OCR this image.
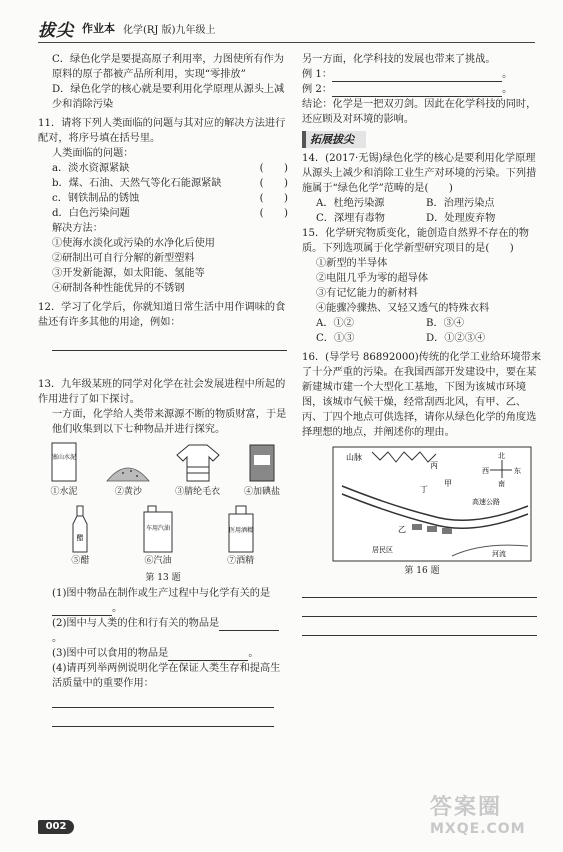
拔尖 作业本 化学(RJ 版)九年级上

C．绿色化学是要提高原子利用率，力图使所有作为原料的原子都被产品所利用，实现“零排放”

D．绿色化学的核心就是要利用化学原理从源头上减少和消除污染

11．请将下列人类面临的问题与其对应的解决方法进行配对，将序号填在括号里。

人类面临的问题：

a．淡水资源紧缺	(　　)
b．煤、石油、天然气等化石能源紧缺	(　　)
c．钢铁制品的锈蚀	(　　)
d．白色污染问题	(　　)

解决方法：

①使海水淡化或污染的水净化后使用

②研制出可自行分解的新型塑料

③开发新能源，如太阳能、氢能等

④研制各种性能优异的不锈钢

12．学习了化学后，你就知道日常生活中用作调味的食盐还有许多其他的用途，例如：

13．九年级某班的同学对化学在社会发展进程中所起的作用进行了如下探讨。

一方面，化学给人类带来源源不断的物质财富，于是他们收集到以下七种物品并进行探究。

塞山水泥
①水泥	②黄沙	③腈纶毛衣	④加碘盐
醋
⑤醋
车用汽油
⑥汽油
医用酒精
⑦酒精
第 13 题

(1)图中物品在制作或生产过程中与化学有关的是。

(2)图中与人类的住和行有关的物品是。

(3)图中可以食用的物品是	。

(4)请再列举两例说明化学在保证人类生存和提高生活质量中的重要作用：

另一方面，化学科技的发展也带来了挑战。

例 1：	。

例 2：	。

结论：化学是一把双刃剑。因此在化学科技的同时，还应顾及对环境的影响。

拓展拔尖

14．(2017·无锡)绿色化学的核心是要利用化学原理从源头上减少和消除工业生产对环境的污染。下列措施属于“绿色化学”范畴的是(　　)

A．杜绝污染源	B．治理污染点
C．深埋有毒物	D．处理废弃物

15．化学研究物质变化，能创造自然界不存在的物质。下列选项属于化学新型研究项目的是(　　)

①新型的半导体

②电阻几乎为零的超导体

③有记忆能力的新材料

④能骤冷骤热、又轻又透气的特殊衣料

A．①②	B．③④
C．①③	D．①②③④

16．(导学号 86892000)传统的化学工业给环境带来了十分严重的污染。在我国西部开发建设中，要在某新建城市建一个大型化工基地，下图为该城市环境图，该城市气候干燥，经常刮西北风，有甲、乙、丙、丁四个地点可供选择，请你从绿色化学的角度选择理想的地点，并阐述你的理由。

山脉
丙
甲
丁
乙
北
南
西	东
高速公路
居民区	河流
第 16 题
002
答案圈
MXQE.COM
